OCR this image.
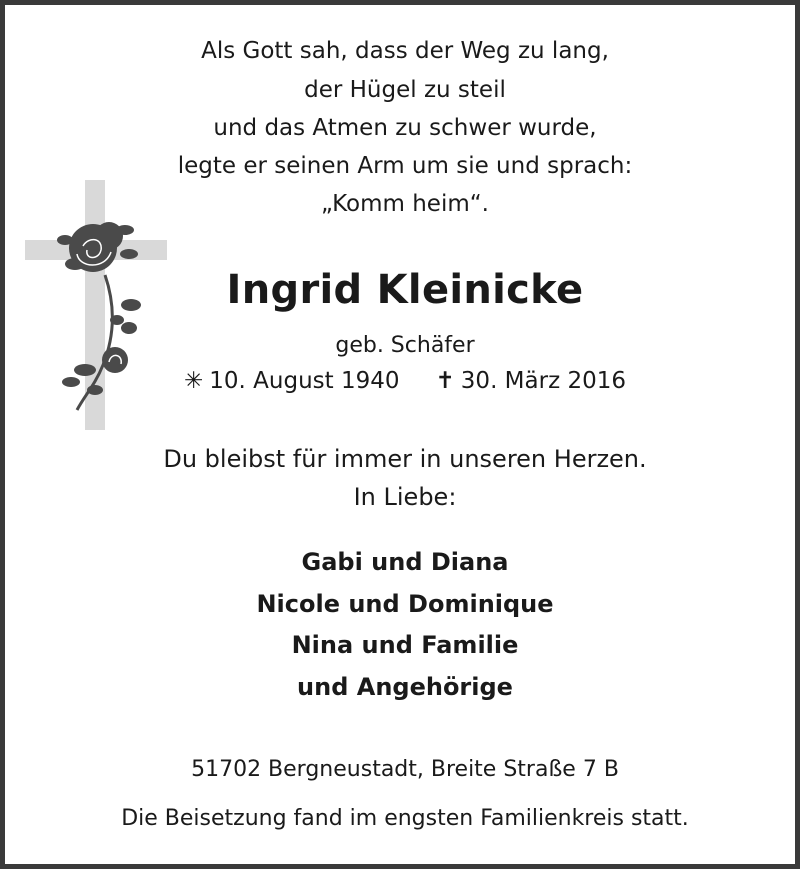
Als Gott sah, dass der Weg zu lang,
der Hügel zu steil
und das Atmen zu schwer wurde,
legte er seinen Arm um sie und sprach:
„Komm heim“.
Ingrid Kleinicke
geb. Schäfer
✳ 10. August 1940 ✝ 30. März 2016
Du bleibst für immer in unseren Herzen.
In Liebe:
Gabi und Diana
Nicole und Dominique
Nina und Familie
und Angehörige
51702 Bergneustadt, Breite Straße 7 B
Die Beisetzung fand im engsten Familienkreis statt.
